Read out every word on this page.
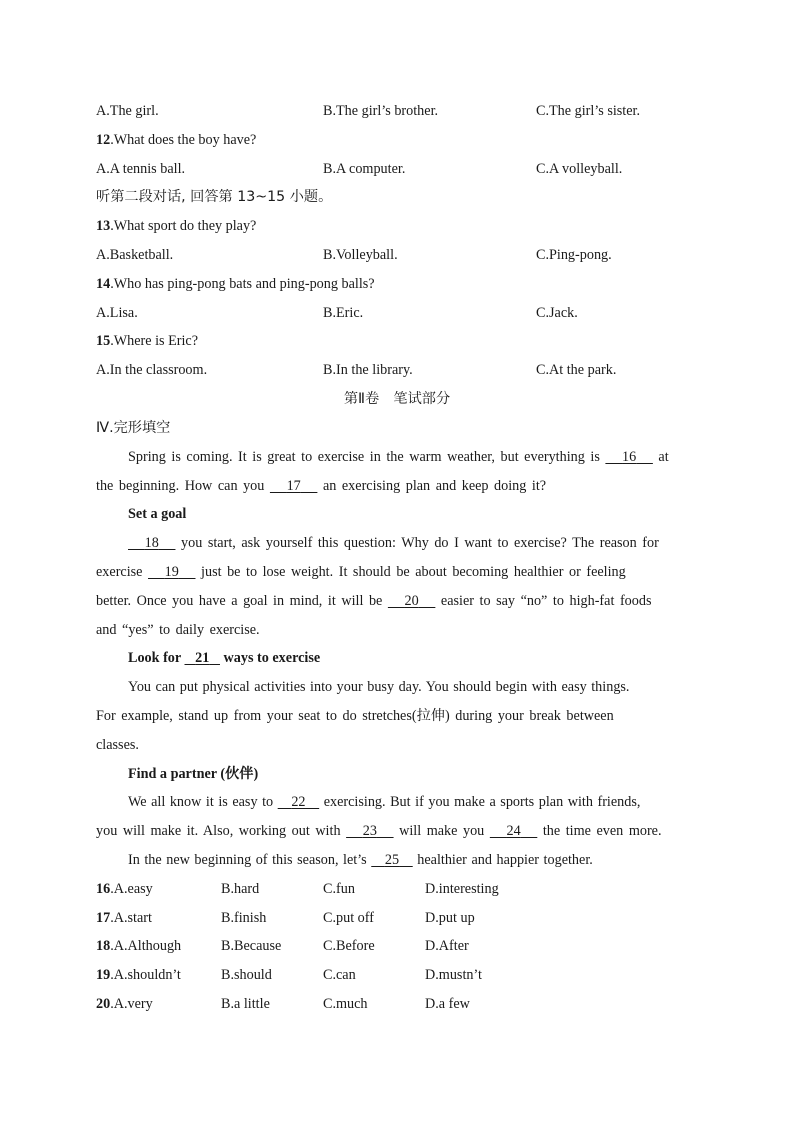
A.The girl.	B.The girl’s brother.	C.The girl’s sister.
12.What does the boy have?
A.A tennis ball.	B.A computer.	C.A volleyball.
听第二段对话, 回答第 13~15 小题。
13.What sport do they play?
A.Basketball.	B.Volleyball.	C.Ping-pong.
14.Who has ping-pong bats and ping-pong balls?
A.Lisa.	B.Eric.	C.Jack.
15.Where is Eric?
A.In the classroom.	B.In the library.	C.At the park.
第Ⅱ卷　笔试部分
Ⅳ.完形填空
Spring is coming. It is great to exercise in the warm weather, but everything is 16 at
the beginning. How can you 17 an exercising plan and keep doing it?
Set a goal
18 you start, ask yourself this question: Why do I want to exercise? The reason for
exercise 19 just be to lose weight. It should be about becoming healthier or feeling
better. Once you have a goal in mind, it will be 20 easier to say “no” to high-fat foods
and “yes” to daily exercise.
Look for 21 ways to exercise
You can put physical activities into your busy day. You should begin with easy things.
For example, stand up from your seat to do stretches(拉伸) during your break between
classes.
Find a partner (伙伴)
We all know it is easy to 22 exercising. But if you make a sports plan with friends,
you will make it. Also, working out with 23 will make you 24 the time even more.
In the new beginning of this season, let’s 25 healthier and happier together.
16.A.easy	B.hard	C.fun	D.interesting
17.A.start	B.finish	C.put off	D.put up
18.A.Although	B.Because	C.Before	D.After
19.A.shouldn’t	B.should	C.can	D.mustn’t
20.A.very	B.a little	C.much	D.a few
